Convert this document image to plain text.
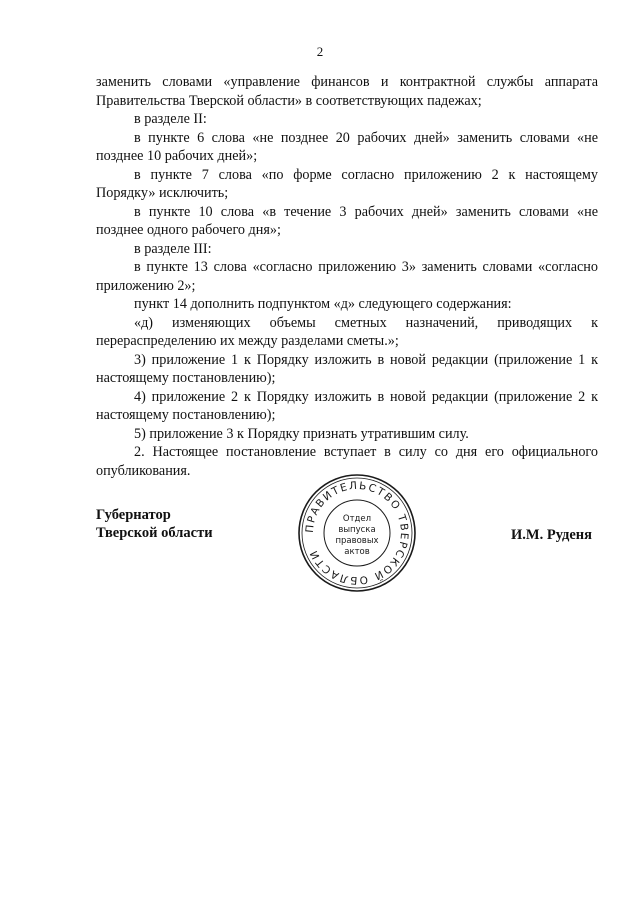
2

заменить словами «управление финансов и контрактной службы аппарата Правительства Тверской области» в соответствующих падежах;

в разделе II:

в пункте 6 слова «не позднее 20 рабочих дней» заменить словами «не позднее 10 рабочих дней»;

в пункте 7 слова «по форме согласно приложению 2 к настоящему Порядку» исключить;

в пункте 10 слова «в течение 3 рабочих дней» заменить словами «не позднее одного рабочего дня»;

в разделе III:

в пункте 13 слова «согласно приложению 3» заменить словами «согласно приложению 2»;

пункт 14 дополнить подпунктом «д» следующего содержания:

«д) изменяющих объемы сметных назначений, приводящих к перераспределению их между разделами сметы.»;

3) приложение 1 к Порядку изложить в новой редакции (приложение 1 к настоящему постановлению);

4) приложение 2 к Порядку изложить в новой редакции (приложение 2 к настоящему постановлению);

5) приложение 3 к Порядку признать утратившим силу.

2. Настоящее постановление вступает в силу со дня его официального опубликования.

Губернатор
Тверской области	ПРАВИТЕЛЬСТВО ТВЕРСКОЙ ОБЛАСТИ
Отдел
выпуска
правовых
актов
И.М. Руденя
